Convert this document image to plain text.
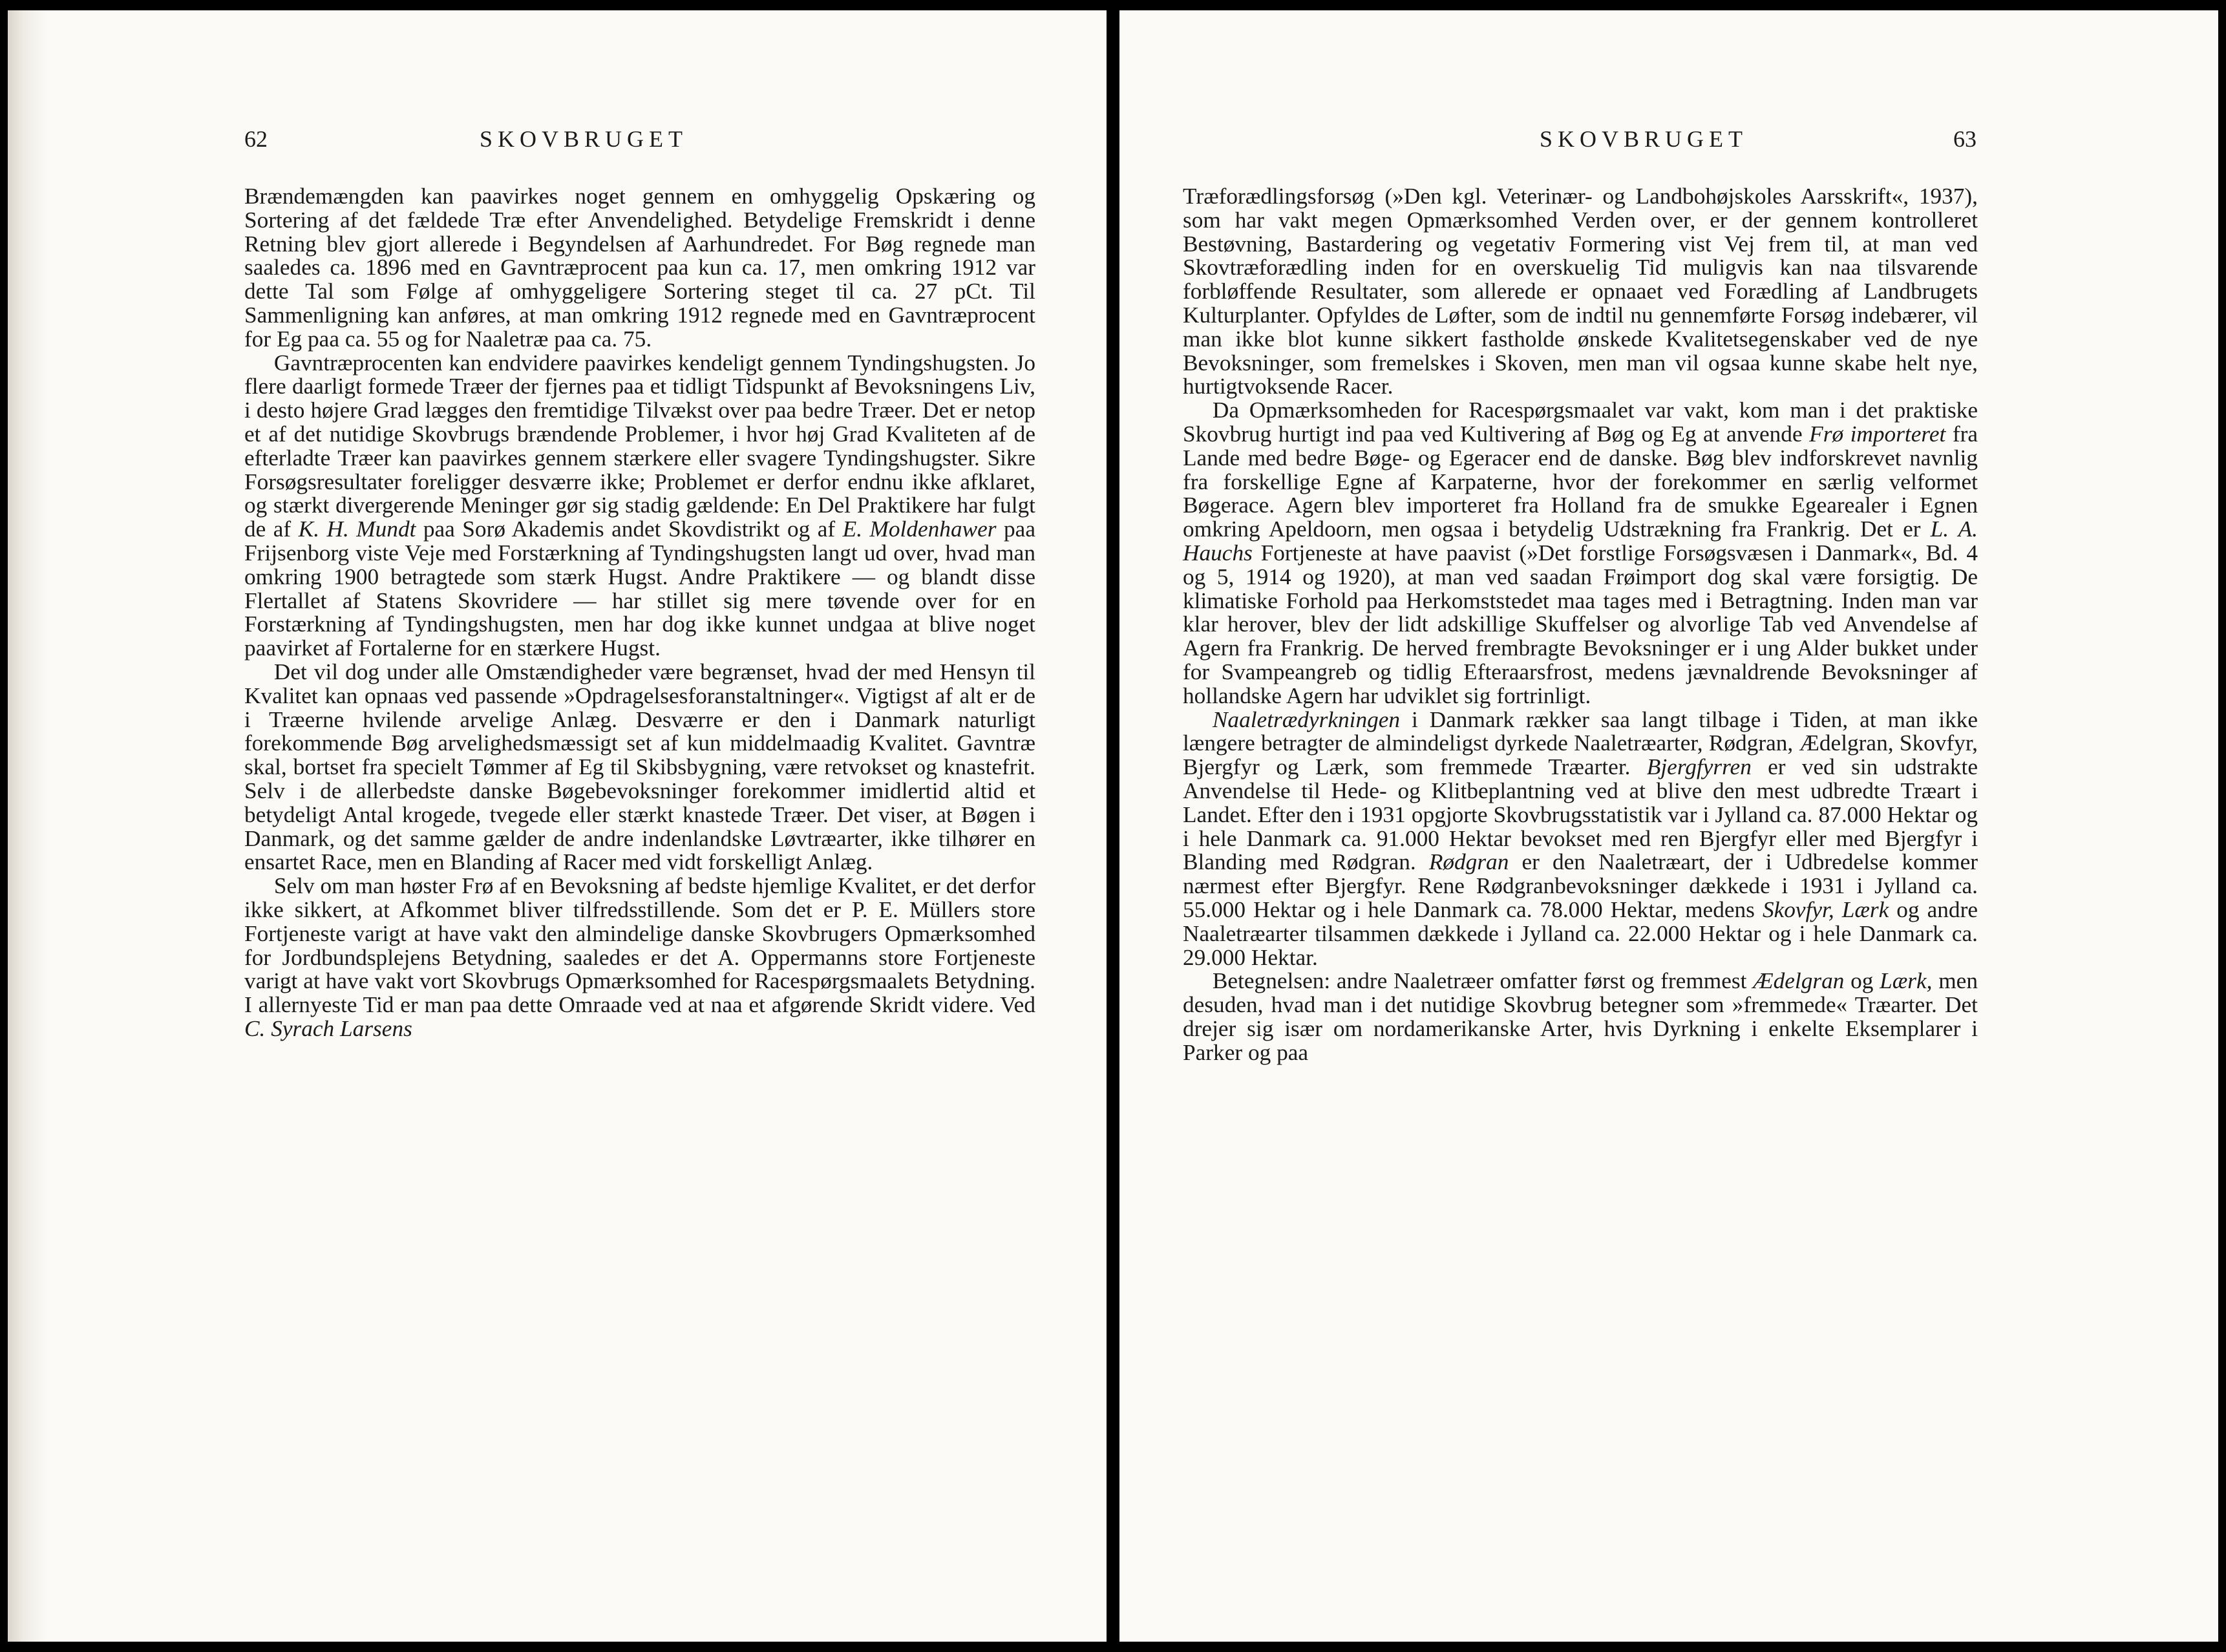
62	SKOVBRUGET

Brændemængden kan paavirkes noget gennem en omhyggelig Opskæring og Sortering af det fældede Træ efter Anvendelighed. Betydelige Fremskridt i denne Retning blev gjort allerede i Begyndelsen af Aarhundredet. For Bøg regnede man saaledes ca. 1896 med en Gavntræprocent paa kun ca. 17, men omkring 1912 var dette Tal som Følge af omhyggeligere Sortering steget til ca. 27 pCt. Til Sammenligning kan anføres, at man omkring 1912 regnede med en Gavntræprocent for Eg paa ca. 55 og for Naaletræ paa ca. 75.

Gavntræprocenten kan endvidere paavirkes kendeligt gennem Tyndingshugsten. Jo flere daarligt formede Træer der fjernes paa et tidligt Tidspunkt af Bevoksningens Liv, i desto højere Grad lægges den fremtidige Tilvækst over paa bedre Træer. Det er netop et af det nutidige Skovbrugs brændende Problemer, i hvor høj Grad Kvaliteten af de efterladte Træer kan paavirkes gennem stærkere eller svagere Tyndingshugster. Sikre Forsøgsresultater foreligger desværre ikke; Problemet er derfor endnu ikke afklaret, og stærkt divergerende Meninger gør sig stadig gældende: En Del Praktikere har fulgt de af K. H. Mundt paa Sorø Akademis andet Skovdistrikt og af E. Moldenhawer paa Frijsenborg viste Veje med Forstærkning af Tyndingshugsten langt ud over, hvad man omkring 1900 betragtede som stærk Hugst. Andre Praktikere — og blandt disse Flertallet af Statens Skovridere — har stillet sig mere tøvende over for en Forstærkning af Tyndingshugsten, men har dog ikke kunnet undgaa at blive noget paavirket af Fortalerne for en stærkere Hugst.

Det vil dog under alle Omstændigheder være begrænset, hvad der med Hensyn til Kvalitet kan opnaas ved passende »Opdragelsesforanstaltninger«. Vigtigst af alt er de i Træerne hvilende arvelige Anlæg. Desværre er den i Danmark naturligt forekommende Bøg arvelighedsmæssigt set af kun middelmaadig Kvalitet. Gavntræ skal, bortset fra specielt Tømmer af Eg til Skibsbygning, være retvokset og knastefrit. Selv i de allerbedste danske Bøgebevoksninger forekommer imidlertid altid et betydeligt Antal krogede, tvegede eller stærkt knastede Træer. Det viser, at Bøgen i Danmark, og det samme gælder de andre indenlandske Løvtræarter, ikke tilhører en ensartet Race, men en Blanding af Racer med vidt forskelligt Anlæg.

Selv om man høster Frø af en Bevoksning af bedste hjemlige Kvalitet, er det derfor ikke sikkert, at Afkommet bliver tilfredsstillende. Som det er P. E. Müllers store Fortjeneste varigt at have vakt den almindelige danske Skovbrugers Opmærksomhed for Jordbundsplejens Betydning, saaledes er det A. Oppermanns store Fortjeneste varigt at have vakt vort Skovbrugs Opmærksomhed for Racespørgsmaalets Betydning. I allernyeste Tid er man paa dette Omraade ved at naa et afgørende Skridt videre. Ved C. Syrach Larsens

SKOVBRUGET	63

Træforædlingsforsøg (»Den kgl. Veterinær- og Landbohøjskoles Aarsskrift«, 1937), som har vakt megen Opmærksomhed Verden over, er der gennem kontrolleret Bestøvning, Bastardering og vegetativ Formering vist Vej frem til, at man ved Skovtræforædling inden for en overskuelig Tid muligvis kan naa tilsvarende forbløffende Resultater, som allerede er opnaaet ved Forædling af Landbrugets Kulturplanter. Opfyldes de Løfter, som de indtil nu gennemførte Forsøg indebærer, vil man ikke blot kunne sikkert fastholde ønskede Kvalitetsegenskaber ved de nye Bevoksninger, som fremelskes i Skoven, men man vil ogsaa kunne skabe helt nye, hurtigtvoksende Racer.

Da Opmærksomheden for Racespørgsmaalet var vakt, kom man i det praktiske Skovbrug hurtigt ind paa ved Kultivering af Bøg og Eg at anvende Frø importeret fra Lande med bedre Bøge- og Egeracer end de danske. Bøg blev indforskrevet navnlig fra forskellige Egne af Karpaterne, hvor der forekommer en særlig velformet Bøgerace. Agern blev importeret fra Holland fra de smukke Egearealer i Egnen omkring Apeldoorn, men ogsaa i betydelig Udstrækning fra Frankrig. Det er L. A. Hauchs Fortjeneste at have paavist (»Det forstlige Forsøgsvæsen i Danmark«, Bd. 4 og 5, 1914 og 1920), at man ved saadan Frøimport dog skal være forsigtig. De klimatiske Forhold paa Herkomststedet maa tages med i Betragtning. Inden man var klar herover, blev der lidt adskillige Skuffelser og alvorlige Tab ved Anvendelse af Agern fra Frankrig. De herved frembragte Bevoksninger er i ung Alder bukket under for Svampeangreb og tidlig Efteraarsfrost, medens jævnaldrende Bevoksninger af hollandske Agern har udviklet sig fortrinligt.

Naaletrædyrkningen i Danmark rækker saa langt tilbage i Tiden, at man ikke længere betragter de almindeligst dyrkede Naaletræarter, Rødgran, Ædelgran, Skovfyr, Bjergfyr og Lærk, som fremmede Træarter. Bjergfyrren er ved sin udstrakte Anvendelse til Hede- og Klitbeplantning ved at blive den mest udbredte Træart i Landet. Efter den i 1931 opgjorte Skovbrugsstatistik var i Jylland ca. 87.000 Hektar og i hele Danmark ca. 91.000 Hektar bevokset med ren Bjergfyr eller med Bjergfyr i Blanding med Rødgran. Rødgran er den Naaletræart, der i Udbredelse kommer nærmest efter Bjergfyr. Rene Rødgranbevoksninger dækkede i 1931 i Jylland ca. 55.000 Hektar og i hele Danmark ca. 78.000 Hektar, medens Skovfyr, Lærk og andre Naaletræarter tilsammen dækkede i Jylland ca. 22.000 Hektar og i hele Danmark ca. 29.000 Hektar.

Betegnelsen: andre Naaletræer omfatter først og fremmest Ædelgran og Lærk, men desuden, hvad man i det nutidige Skovbrug betegner som »fremmede« Træarter. Det drejer sig især om nordamerikanske Arter, hvis Dyrkning i enkelte Eksemplarer i Parker og paa
